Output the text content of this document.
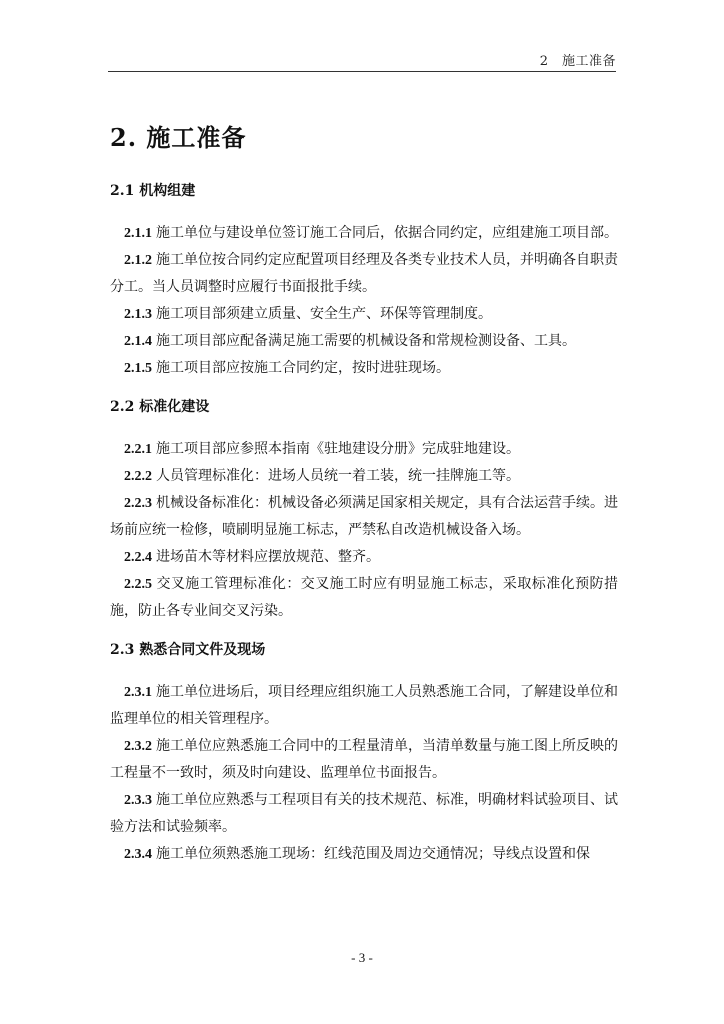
2　施工准备
2. 施工准备
2.1 机构组建

2.1.1 施工单位与建设单位签订施工合同后，依据合同约定，应组建施工项目部。

2.1.2 施工单位按合同约定应配置项目经理及各类专业技术人员，并明确各自职责分工。当人员调整时应履行书面报批手续。

2.1.3 施工项目部须建立质量、安全生产、环保等管理制度。

2.1.4 施工项目部应配备满足施工需要的机械设备和常规检测设备、工具。

2.1.5 施工项目部应按施工合同约定，按时进驻现场。

2.2 标准化建设

2.2.1 施工项目部应参照本指南《驻地建设分册》完成驻地建设。

2.2.2 人员管理标准化：进场人员统一着工装，统一挂牌施工等。

2.2.3 机械设备标准化：机械设备必须满足国家相关规定，具有合法运营手续。进场前应统一检修，喷刷明显施工标志，严禁私自改造机械设备入场。

2.2.4 进场苗木等材料应摆放规范、整齐。

2.2.5 交叉施工管理标准化：交叉施工时应有明显施工标志，采取标准化预防措施，防止各专业间交叉污染。

2.3 熟悉合同文件及现场

2.3.1 施工单位进场后，项目经理应组织施工人员熟悉施工合同，了解建设单位和监理单位的相关管理程序。

2.3.2 施工单位应熟悉施工合同中的工程量清单，当清单数量与施工图上所反映的工程量不一致时，须及时向建设、监理单位书面报告。

2.3.3 施工单位应熟悉与工程项目有关的技术规范、标准，明确材料试验项目、试验方法和试验频率。

2.3.4 施工单位须熟悉施工现场：红线范围及周边交通情况；导线点设置和保

- 3 -
